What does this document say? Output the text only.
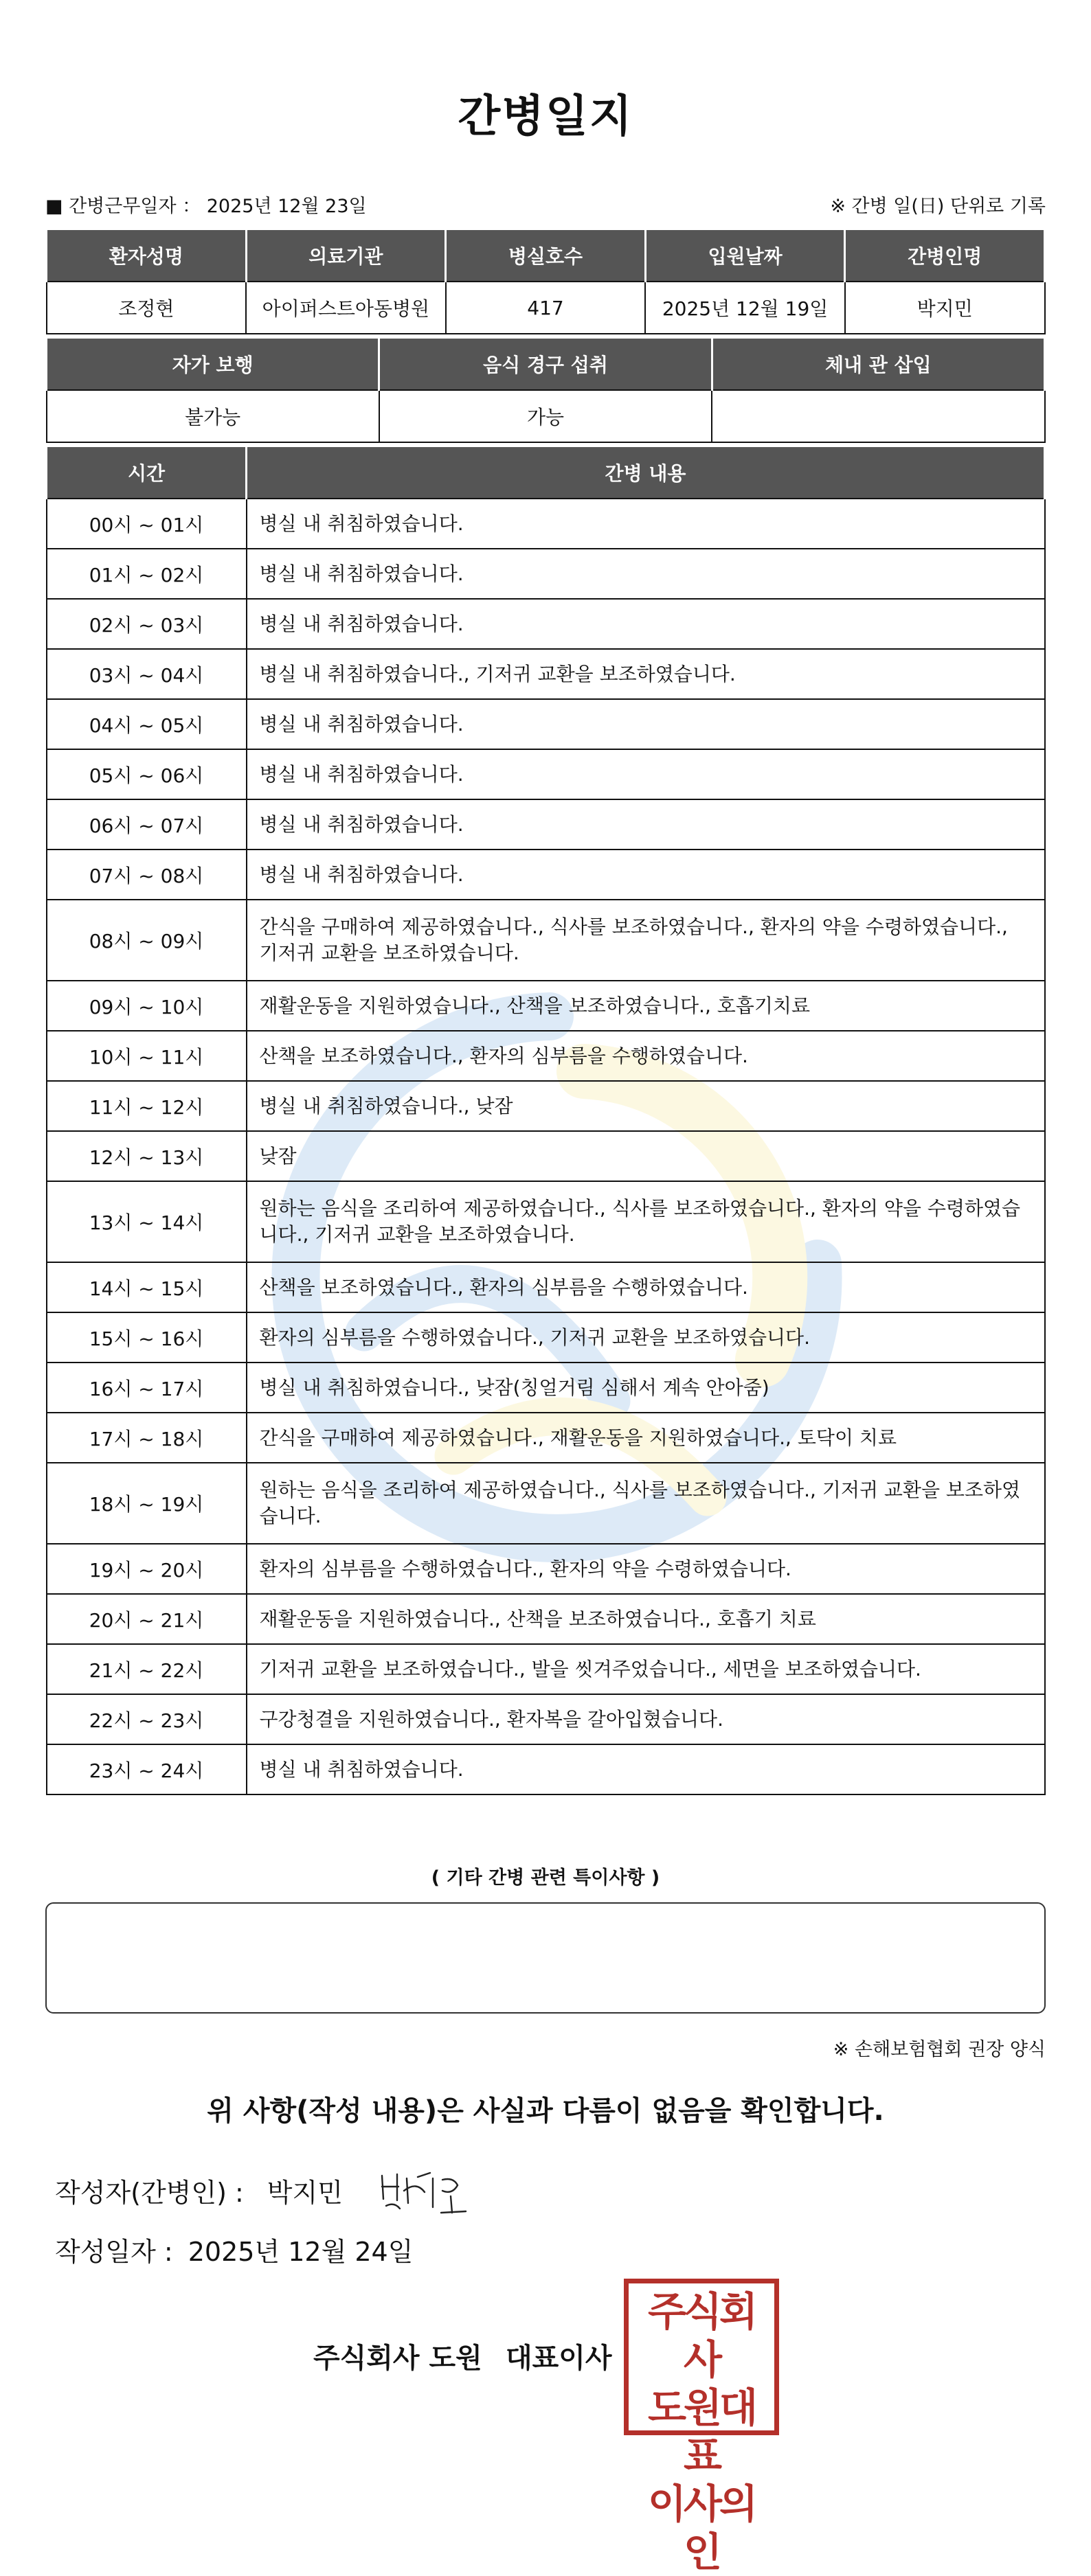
간병일지
■ 간병근무일자 ： 2025년 12월 23일	※ 간병 일(日) 단위로 기록
환자성명	의료기관	병실호수	입원날짜	간병인명
조정현	아이퍼스트아동병원	417	2025년 12월 19일	박지민
자가 보행	음식 경구 섭취	체내 관 삽입
불가능	가능	
시간	간병 내용
00시 ~ 01시	병실 내 취침하였습니다.
01시 ~ 02시	병실 내 취침하였습니다.
02시 ~ 03시	병실 내 취침하였습니다.
03시 ~ 04시	병실 내 취침하였습니다., 기저귀 교환을 보조하였습니다.
04시 ~ 05시	병실 내 취침하였습니다.
05시 ~ 06시	병실 내 취침하였습니다.
06시 ~ 07시	병실 내 취침하였습니다.
07시 ~ 08시	병실 내 취침하였습니다.
08시 ~ 09시	간식을 구매하여 제공하였습니다., 식사를 보조하였습니다., 환자의 약을 수령하였습니다., 기저귀 교환을 보조하였습니다.
09시 ~ 10시	재활운동을 지원하였습니다., 산책을 보조하였습니다., 호흡기치료
10시 ~ 11시	산책을 보조하였습니다., 환자의 심부름을 수행하였습니다.
11시 ~ 12시	병실 내 취침하였습니다., 낮잠
12시 ~ 13시	낮잠
13시 ~ 14시	원하는 음식을 조리하여 제공하였습니다., 식사를 보조하였습니다., 환자의 약을 수령하였습니다., 기저귀 교환을 보조하였습니다.
14시 ~ 15시	산책을 보조하였습니다., 환자의 심부름을 수행하였습니다.
15시 ~ 16시	환자의 심부름을 수행하였습니다., 기저귀 교환을 보조하였습니다.
16시 ~ 17시	병실 내 취침하였습니다., 낮잠(칭얼거림 심해서 계속 안아줌)
17시 ~ 18시	간식을 구매하여 제공하였습니다., 재활운동을 지원하였습니다., 토닥이 치료
18시 ~ 19시	원하는 음식을 조리하여 제공하였습니다., 식사를 보조하였습니다., 기저귀 교환을 보조하였습니다.
19시 ~ 20시	환자의 심부름을 수행하였습니다., 환자의 약을 수령하였습니다.
20시 ~ 21시	재활운동을 지원하였습니다., 산책을 보조하였습니다., 호흡기 치료
21시 ~ 22시	기저귀 교환을 보조하였습니다., 발을 씻겨주었습니다., 세면을 보조하였습니다.
22시 ~ 23시	구강청결을 지원하였습니다., 환자복을 갈아입혔습니다.
23시 ~ 24시	병실 내 취침하였습니다.
( 기타 간병 관련 특이사항 )
※ 손해보험협회 권장 양식
위 사항(작성 내용)은 사실과 다름이 없음을 확인합니다.
작성자(간병인) : 박지민
작성일자 : 2025년 12월 24일
주식회사 도원 대표이사
주식회사
도원대표
이사의인
